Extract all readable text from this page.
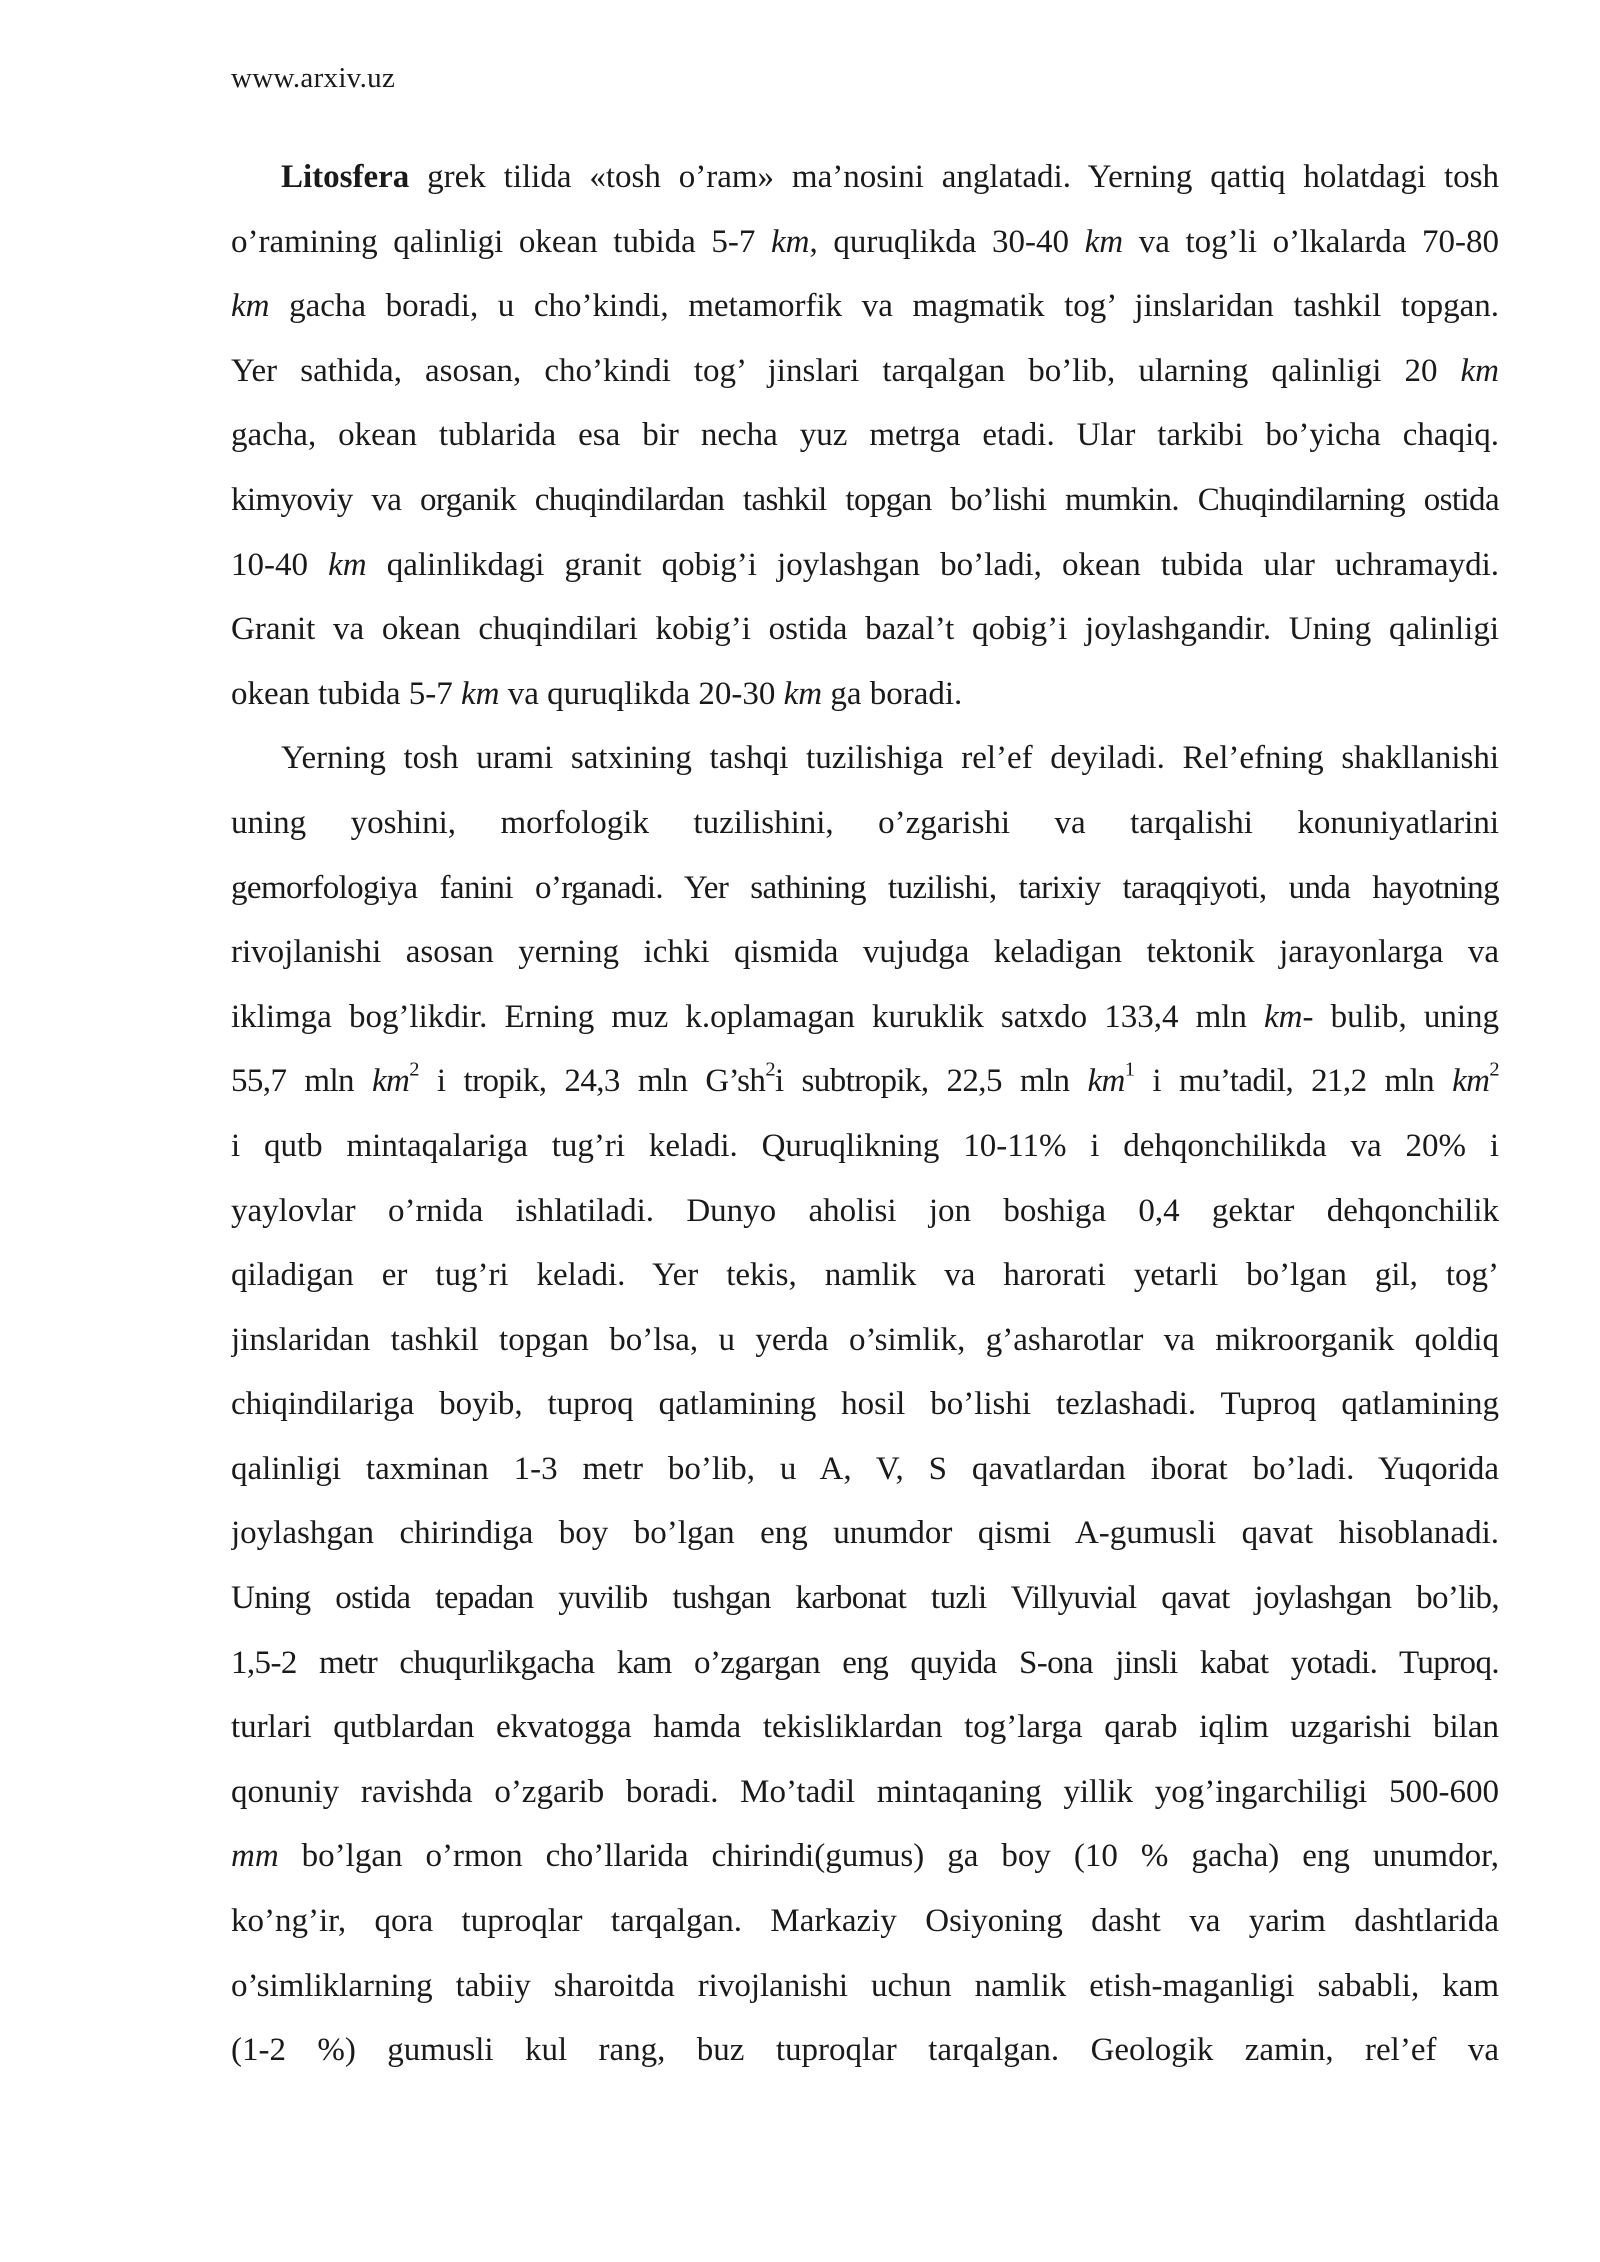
www.arxiv.uz
Litosfera grek tilida «tosh o’ram» ma’nosini anglatadi. Yerning qattiq holatdagi tosh
o’ramining qalinligi okean tubida 5-7 km, quruqlikda 30-40 km va tog’li o’lkalarda 70-80
km gacha boradi, u cho’kindi, metamorfik va magmatik tog’ jinslaridan tashkil topgan.
Yer sathida, asosan, cho’kindi tog’ jinslari tarqalgan bo’lib, ularning qalinligi 20 km
gacha, okean tublarida esa bir necha yuz metrga etadi. Ular tarkibi bo’yicha chaqiq.
kimyoviy va organik chuqindilardan tashkil topgan bo’lishi mumkin. Chuqindilarning ostida
10-40 km qalinlikdagi granit qobig’i joylashgan bo’ladi, okean tubida ular uchramaydi.
Granit va okean chuqindilari kobig’i ostida bazal’t qobig’i joylashgandir. Uning qalinligi
okean tubida 5-7 km va quruqlikda 20-30 km ga boradi.
Yerning tosh urami satxining tashqi tuzilishiga rel’ef deyiladi. Rel’efning shakllanishi
uning yoshini, morfologik tuzilishini, o’zgarishi va tarqalishi konuniyatlarini
gemorfologiya fanini o’rganadi. Yer sathining tuzilishi, tarixiy taraqqiyoti, unda hayotning
rivojlanishi asosan yerning ichki qismida vujudga keladigan tektonik jarayonlarga va
iklimga bog’likdir. Erning muz k.oplamagan kuruklik satxdo 133,4 mln km- bulib, uning
55,7 mln $km^2$ i tropik, 24,3 mln $G’sh^2i$ subtropik, 22,5 mln $km^1$ i mu’tadil, 21,2 mln $km^2$
i qutb mintaqalariga tug’ri keladi. Quruqlikning 10-11% i dehqonchilikda va 20% i
yaylovlar o’rnida ishlatiladi. Dunyo aholisi jon boshiga 0,4 gektar dehqonchilik
qiladigan er tug’ri keladi. Yer tekis, namlik va harorati yetarli bo’lgan gil, tog’
jinslaridan tashkil topgan bo’lsa, u yerda o’simlik, g’asharotlar va mikroorganik qoldiq
chiqindilariga boyib, tuproq qatlamining hosil bo’lishi tezlashadi. Tuproq qatlamining
qalinligi taxminan 1-3 metr bo’lib, u A, V, S qavatlardan iborat bo’ladi. Yuqorida
joylashgan chirindiga boy bo’lgan eng unumdor qismi A-gumusli qavat hisoblanadi.
Uning ostida tepadan yuvilib tushgan karbonat tuzli Villyuvial qavat joylashgan bo’lib,
1,5-2 metr chuqurlikgacha kam o’zgargan eng quyida S-ona jinsli kabat yotadi. Tuproq.
turlari qutblardan ekvatogga hamda tekisliklardan tog’larga qarab iqlim uzgarishi bilan
qonuniy ravishda o’zgarib boradi. Mo’tadil mintaqaning yillik yog’ingarchiligi 500-600
mm bo’lgan o’rmon cho’llarida chirindi(gumus) ga boy (10 % gacha) eng unumdor,
ko’ng’ir, qora tuproqlar tarqalgan. Markaziy Osiyoning dasht va yarim dashtlarida
o’simliklarning tabiiy sharoitda rivojlanishi uchun namlik etish-maganligi sababli, kam
(1-2 %) gumusli kul rang, buz tuproqlar tarqalgan. Geologik zamin, rel’ef va
